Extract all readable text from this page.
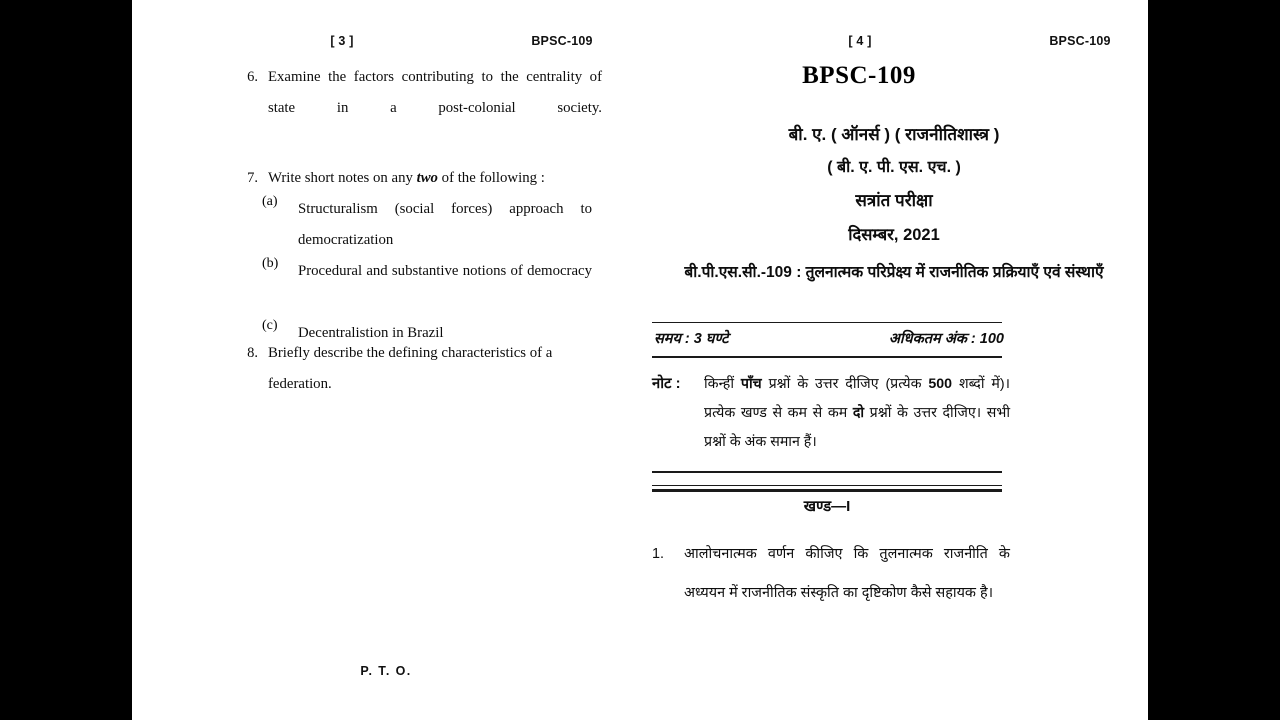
[ 3 ]	BPSC-109
6. Examine the factors contributing to the centrality of state in a post-colonial society.
7. Write short notes on any two of the following :
(a)	Structuralism (social forces) approach to democratization
(b)	Procedural and substantive notions of democracy
(c)	Decentralistion in Brazil
8. Briefly describe the defining characteristics of a federation.
P. T. O.
[ 4 ]	BPSC-109
BPSC-109
बी. ए. ( ऑनर्स ) ( राजनीतिशास्त्र )
( बी. ए. पी. एस. एच. )
सत्रांत परीक्षा
दिसम्बर, 2021
बी.पी.एस.सी.-109 : तुलनात्मक परिप्रेक्ष्य में राजनीतिक प्रक्रियाएँ एवं संस्थाएँ
समय : 3 घण्टे	अधिकतम अंक : 100
नोट : किन्हीं पाँच प्रश्नों के उत्तर दीजिए (प्रत्येक 500 शब्दों में)। प्रत्येक खण्ड से कम से कम दो प्रश्नों के उत्तर दीजिए। सभी प्रश्नों के अंक समान हैं।
खण्ड—I
1. आलोचनात्मक वर्णन कीजिए कि तुलनात्मक राजनीति के अध्ययन में राजनीतिक संस्कृति का दृष्टिकोण कैसे सहायक है।
